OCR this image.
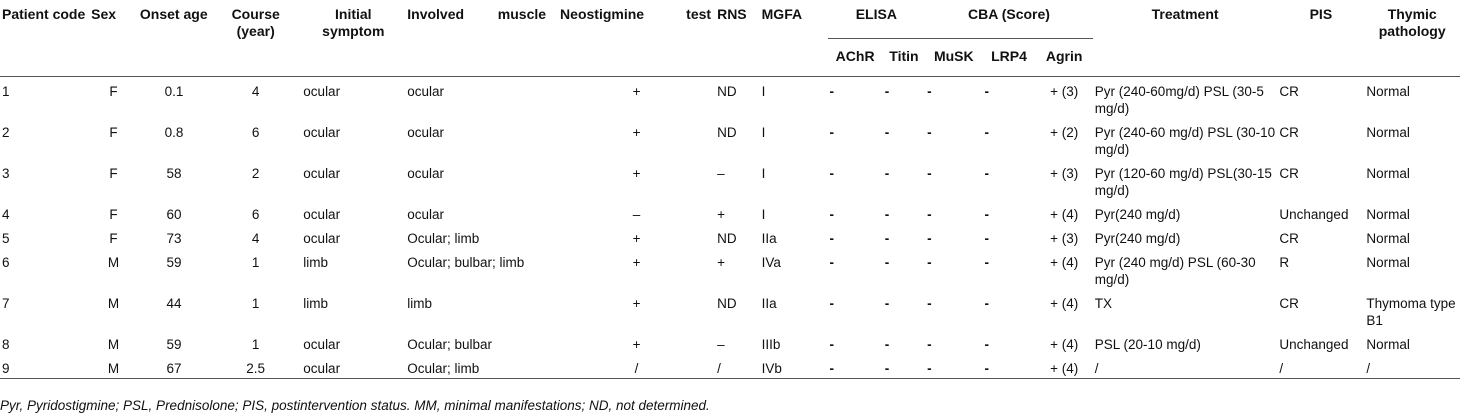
Patient code	Sex	Onset age	Course (year)	Initial symptom	Involved muscle	Neostigmine test	RNS	MGFA	ELISA		CBA (Score)			Treatment	PIS	Thymic pathology
									AChR	Titin	MuSK	LRP4	Agrin			
1	F	0.1	4	ocular	ocular	+	ND	I	-	-	-	-	+ (3)	Pyr (240-60mg/d) PSL (30-5 mg/d)	CR	Normal
2	F	0.8	6	ocular	ocular	+	ND	I	-	-	-	-	+ (2)	Pyr (240-60 mg/d) PSL (30-10 mg/d)	CR	Normal
3	F	58	2	ocular	ocular	+	–	I	-	-	-	-	+ (3)	Pyr (120-60 mg/d) PSL(30-15 mg/d)	CR	Normal
4	F	60	6	ocular	ocular	–	+	I	-	-	-	-	+ (4)	Pyr(240 mg/d)	Unchanged	Normal
5	F	73	4	ocular	Ocular; limb	+	ND	IIa	-	-	-	-	+ (3)	Pyr(240 mg/d)	CR	Normal
6	M	59	1	limb	Ocular; bulbar; limb	+	+	IVa	-	-	-	-	+ (4)	Pyr (240 mg/d) PSL (60-30 mg/d)	R	Normal
7	M	44	1	limb	limb	+	ND	IIa	-	-	-	-	+ (4)	TX	CR	Thymoma type B1
8	M	59	1	ocular	Ocular; bulbar	+	–	IIIb	-	-	-	-	+ (4)	PSL (20-10 mg/d)	Unchanged	Normal
9	M	67	2.5	ocular	Ocular; limb	/	/	IVb	-	-	-	-	+ (4)	/	/	/
Pyr, Pyridostigmine; PSL, Prednisolone; PIS, postintervention status. MM, minimal manifestations; ND, not determined.
